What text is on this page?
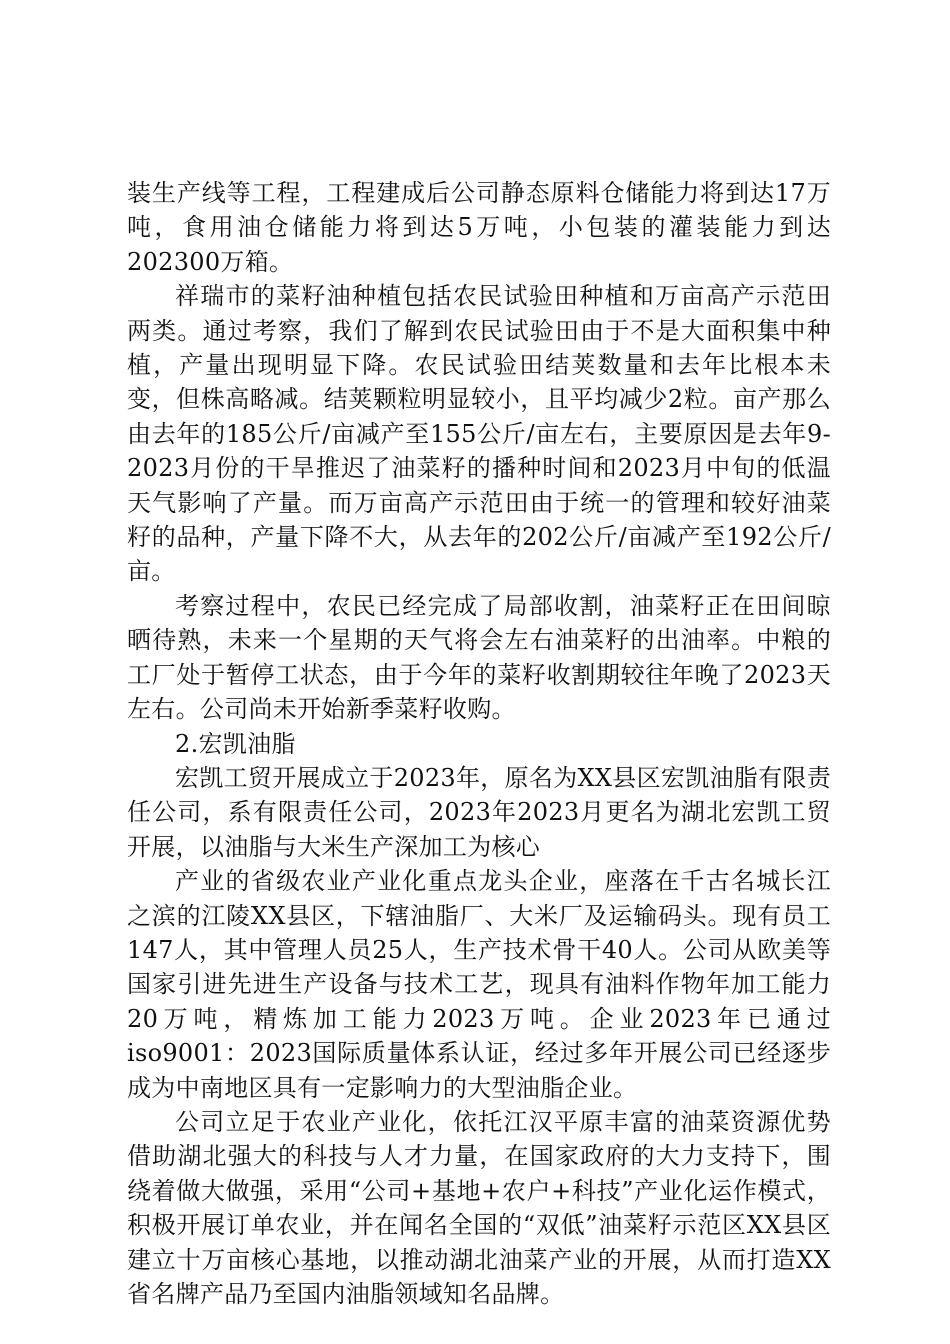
装生产线等工程，工程建成后公司静态原料仓储能力将到达17万吨，食用油仓储能力将到达5万吨，小包装的灌装能力到达202300万箱。

祥瑞市的菜籽油种植包括农民试验田种植和万亩高产示范田两类。通过考察，我们了解到农民试验田由于不是大面积集中种植，产量出现明显下降。农民试验田结荚数量和去年比根本未变，但株高略减。结荚颗粒明显较小，且平均减少2粒。亩产那么由去年的185公斤/亩减产至155公斤/亩左右，主要原因是去年9-2023月份的干旱推迟了油菜籽的播种时间和2023月中旬的低温天气影响了产量。而万亩高产示范田由于统一的管理和较好油菜籽的品种，产量下降不大，从去年的202公斤/亩减产至192公斤/亩。

考察过程中，农民已经完成了局部收割，油菜籽正在田间晾晒待熟，未来一个星期的天气将会左右油菜籽的出油率。中粮的工厂处于暂停工状态，由于今年的菜籽收割期较往年晚了2023天左右。公司尚未开始新季菜籽收购。

2.宏凯油脂

宏凯工贸开展成立于2023年，原名为XX县区宏凯油脂有限责任公司，系有限责任公司，2023年2023月更名为湖北宏凯工贸开展，以油脂与大米生产深加工为核心

产业的省级农业产业化重点龙头企业，座落在千古名城长江之滨的江陵XX县区，下辖油脂厂、大米厂及运输码头。现有员工147人，其中管理人员25人，生产技术骨干40人。公司从欧美等国家引进先进生产设备与技术工艺，现具有油料作物年加工能力20万吨，精炼加工能力2023万吨。企业2023年已通过iso9001：2023国际质量体系认证，经过多年开展公司已经逐步成为中南地区具有一定影响力的大型油脂企业。

公司立足于农业产业化，依托江汉平原丰富的油菜资源优势借助湖北强大的科技与人才力量，在国家政府的大力支持下，围绕着做大做强，采用“公司+基地+农户+科技”产业化运作模式，积极开展订单农业，并在闻名全国的“双低”油菜籽示范区XX县区建立十万亩核心基地，以推动湖北油菜产业的开展，从而打造XX省名牌产品乃至国内油脂领域知名品牌。
